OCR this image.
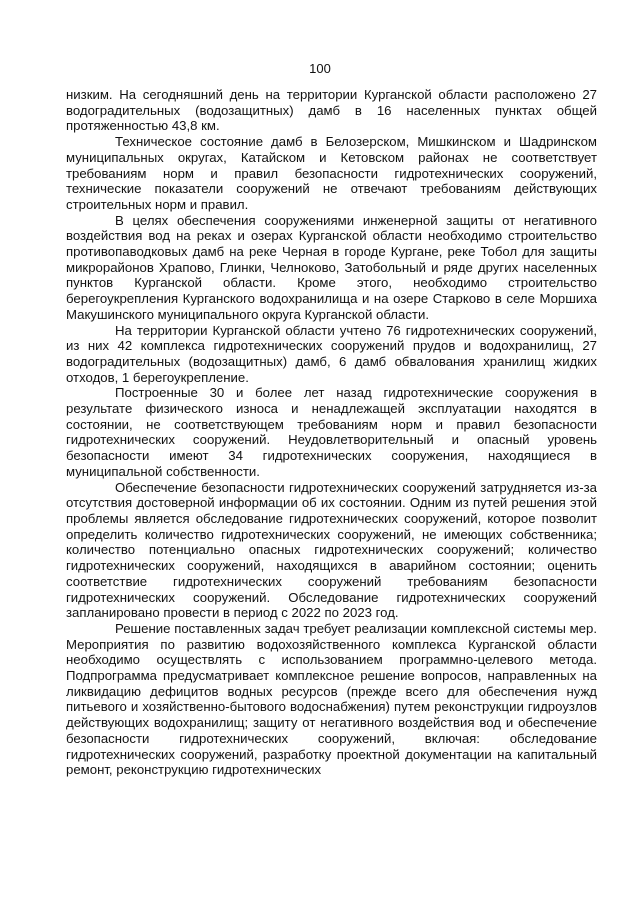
100

низким. На сегодняшний день на территории Курганской области расположено 27 водоградительных (водозащитных) дамб в 16 населенных пунктах общей протяженностью 43,8 км.

Техническое состояние дамб в Белозерском, Мишкинском и Шадринском муниципальных округах, Катайском и Кетовском районах не соответствует требованиям норм и правил безопасности гидротехнических сооружений, технические показатели сооружений не отвечают требованиям действующих строительных норм и правил.

В целях обеспечения сооружениями инженерной защиты от негативного воздействия вод на реках и озерах Курганской области необходимо строительство противопаводковых дамб на реке Черная в городе Кургане, реке Тобол для защиты микрорайонов Храпово, Глинки, Челноково, Затобольный и ряде других населенных пунктов Курганской области. Кроме этого, необходимо строительство берегоукрепления Курганского водохранилища и на озере Старково в селе Моршиха Макушинского муниципального округа Курганской области.

На территории Курганской области учтено 76 гидротехнических сооружений, из них 42 комплекса гидротехнических сооружений прудов и водохранилищ, 27 водоградительных (водозащитных) дамб, 6 дамб обвалования хранилищ жидких отходов, 1 берегоукрепление.

Построенные 30 и более лет назад гидротехнические сооружения в результате физического износа и ненадлежащей эксплуатации находятся в состоянии, не соответствующем требованиям норм и правил безопасности гидротехнических сооружений. Неудовлетворительный и опасный уровень безопасности имеют 34 гидротехнических сооружения, находящиеся в муниципальной собственности.

Обеспечение безопасности гидротехнических сооружений затрудняется из-за отсутствия достоверной информации об их состоянии. Одним из путей решения этой проблемы является обследование гидротехнических сооружений, которое позволит определить количество гидротехнических сооружений, не имеющих собственника; количество потенциально опасных гидротехнических сооружений; количество гидротехнических сооружений, находящихся в аварийном состоянии; оценить соответствие гидротехнических сооружений требованиям безопасности гидротехнических сооружений. Обследование гидротехнических сооружений запланировано провести в период с 2022 по 2023 год.

Решение поставленных задач требует реализации комплексной системы мер. Мероприятия по развитию водохозяйственного комплекса Курганской области необходимо осуществлять с использованием программно-целевого метода. Подпрограмма предусматривает комплексное решение вопросов, направленных на ликвидацию дефицитов водных ресурсов (прежде всего для обеспечения нужд питьевого и хозяйственно-бытового водоснабжения) путем реконструкции гидроузлов действующих водохранилищ; защиту от негативного воздействия вод и обеспечение безопасности гидротехнических сооружений, включая: обследование гидротехнических сооружений, разработку проектной документации на капитальный ремонт, реконструкцию гидротехнических
